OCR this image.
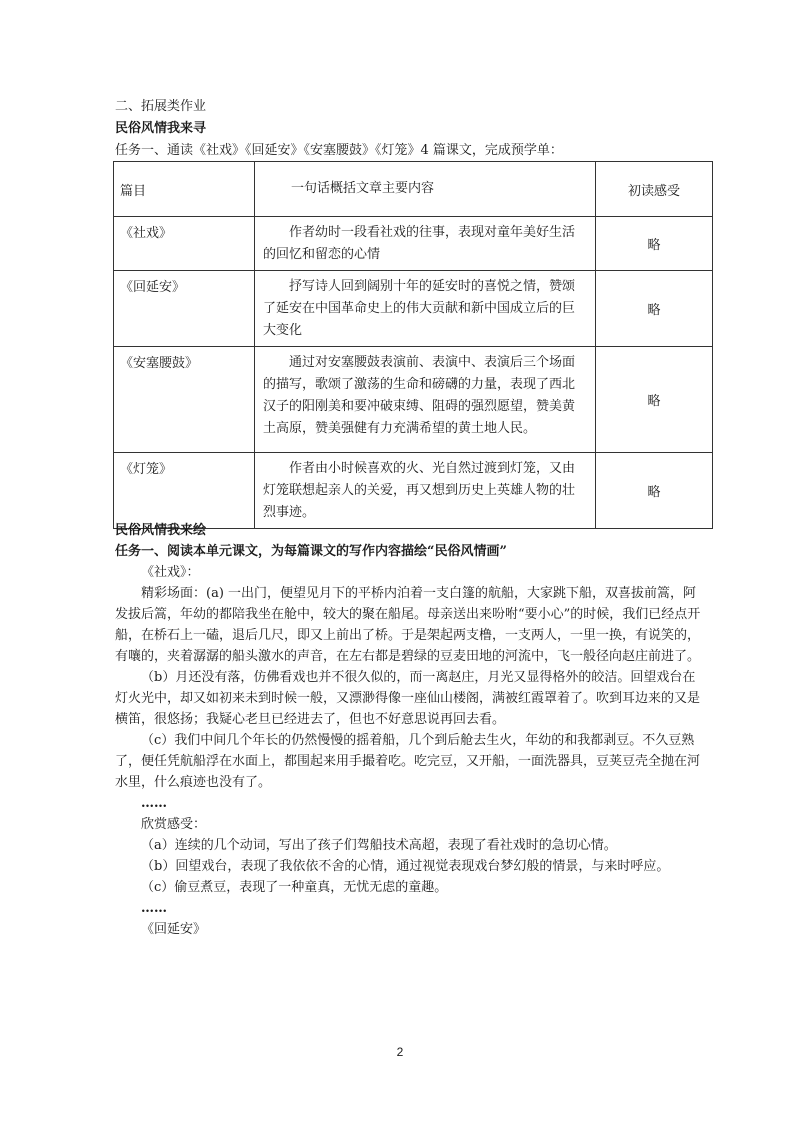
二、拓展类作业
民俗风情我来寻
任务一、通读《社戏》《回延安》《安塞腰鼓》《灯笼》4 篇课文，完成预学单：
篇目	一句话概括文章主要内容	初读感受
《社戏》	作者幼时一段看社戏的往事，表现对童年美好生活的回忆和留恋的心情	略
《回延安》	抒写诗人回到阔别十年的延安时的喜悦之情，赞颂了延安在中国革命史上的伟大贡献和新中国成立后的巨大变化	略
《安塞腰鼓》	通过对安塞腰鼓表演前、表演中、表演后三个场面的描写，歌颂了激荡的生命和磅礴的力量，表现了西北汉子的阳刚美和要冲破束缚、阻碍的强烈愿望，赞美黄土高原，赞美强健有力充满希望的黄土地人民。	略
《灯笼》	作者由小时候喜欢的火、光自然过渡到灯笼，又由灯笼联想起亲人的关爱，再又想到历史上英雄人物的壮烈事迹。	略
民俗风情我来绘
任务一、阅读本单元课文，为每篇课文的写作内容描绘“民俗风情画”

《社戏》：

精彩场面：(a) 一出门，便望见月下的平桥内泊着一支白篷的航船，大家跳下船，双喜拔前篙，阿发拔后篙，年幼的都陪我坐在舱中，较大的聚在船尾。母亲送出来吩咐“要小心”的时候，我们已经点开船，在桥石上一磕，退后几尺，即又上前出了桥。于是架起两支橹，一支两人，一里一换，有说笑的，有嚷的，夹着潺潺的船头激水的声音，在左右都是碧绿的豆麦田地的河流中，飞一般径向赵庄前进了。

（b）月还没有落，仿佛看戏也并不很久似的，而一离赵庄，月光又显得格外的皎洁。回望戏台在灯火光中，却又如初来未到时候一般，又漂渺得像一座仙山楼阁，满被红霞罩着了。吹到耳边来的又是横笛，很悠扬；我疑心老旦已经进去了，但也不好意思说再回去看。

（c）我们中间几个年长的仍然慢慢的摇着船，几个到后舱去生火，年幼的和我都剥豆。不久豆熟了，便任凭航船浮在水面上，都围起来用手撮着吃。吃完豆，又开船，一面洗器具，豆荚豆壳全抛在河水里，什么痕迹也没有了。

……

欣赏感受：

（a）连续的几个动词，写出了孩子们驾船技术高超，表现了看社戏时的急切心情。

（b）回望戏台，表现了我依依不舍的心情，通过视觉表现戏台梦幻般的情景，与来时呼应。

（c）偷豆煮豆，表现了一种童真，无忧无虑的童趣。

……

《回延安》

2
